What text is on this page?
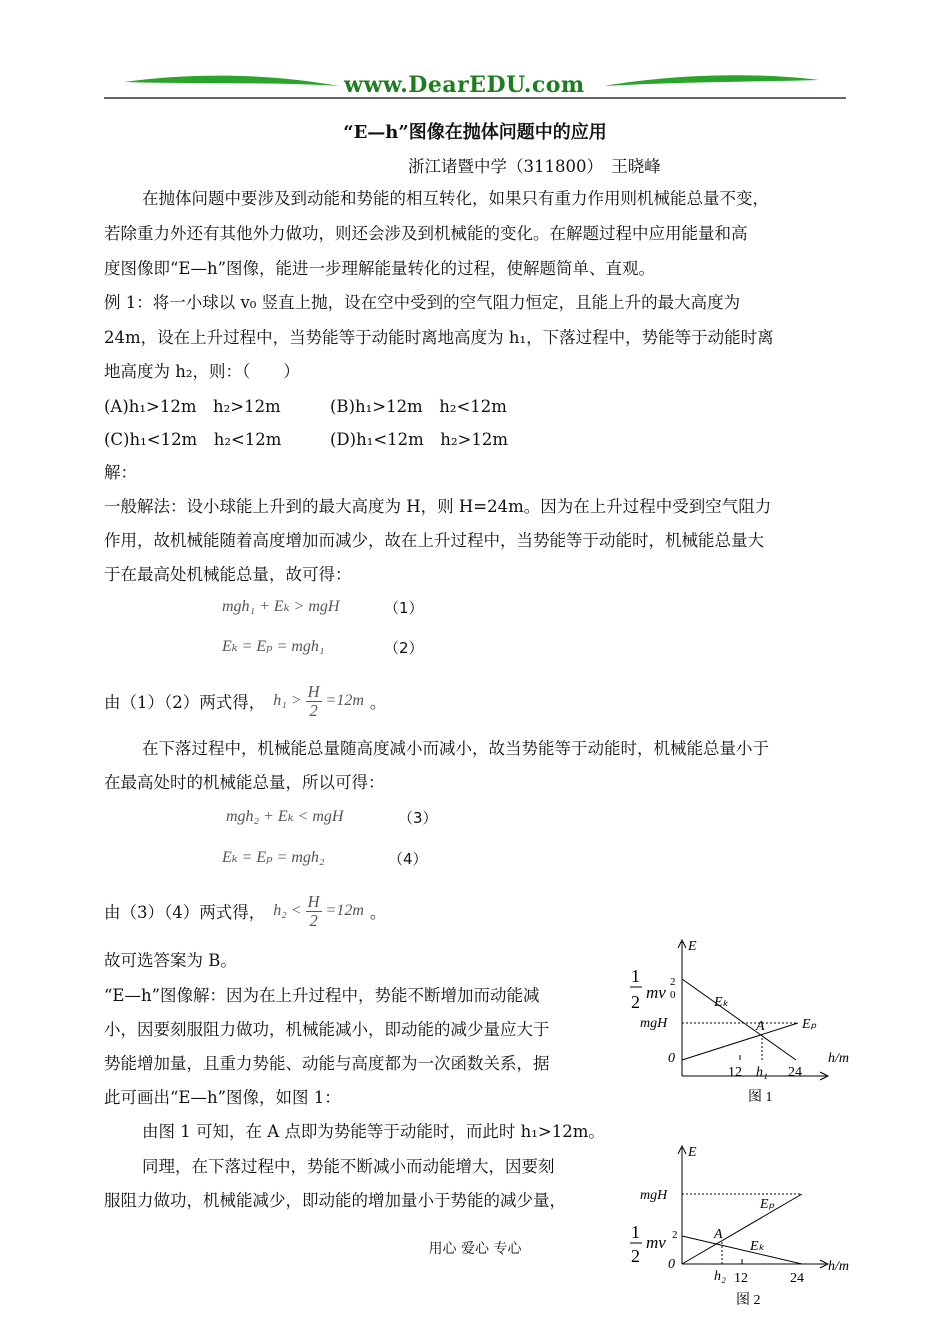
www.DearEDU.com
“E—h”图像在抛体问题中的应用
浙江诸暨中学（311800）　王晓峰
在抛体问题中要涉及到动能和势能的相互转化，如果只有重力作用则机械能总量不变，
若除重力外还有其他外力做功，则还会涉及到机械能的变化。在解题过程中应用能量和高
度图像即“E—h”图像，能进一步理解能量转化的过程，使解题简单、直观。
例 1：将一小球以 v₀ 竖直上抛，设在空中受到的空气阻力恒定，且能上升的最大高度为
24m，设在上升过程中，当势能等于动能时离地高度为 h₁，下落过程中，势能等于动能时离
地高度为 h₂，则：（　　）
(A)h₁>12m　h₂>12m	(B)h₁>12m　h₂<12m
(C)h₁<12m　h₂<12m	(D)h₁<12m　h₂>12m
解：
一般解法：设小球能上升到的最大高度为 H，则 H=24m。因为在上升过程中受到空气阻力
作用，故机械能随着高度增加而减少，故在上升过程中，当势能等于动能时，机械能总量大
于在最高处机械能总量，故可得：
mgh₁ + Eₖ > mgH	（1）
Eₖ = Eₚ = mgh₁	（2）
由（1）（2）两式得， $h_1 > \frac{H}{2} =12m$ 。
在下落过程中，机械能总量随高度减小而减小，故当势能等于动能时，机械能总量小于
在最高处时的机械能总量，所以可得：
mgh₂ + Eₖ < mgH	（3）
Eₖ = Eₚ = mgh₂	（4）
由（3）（4）两式得， $h_2 < \frac{H}{2} =12m$ 。
故可选答案为 B。
“E—h”图像解：因为在上升过程中，势能不断增加而动能减
小，因要刻服阻力做功，机械能减小，即动能的减少量应大于
势能增加量，且重力势能、动能与高度都为一次函数关系，据
此可画出“E—h”图像，如图 1：
由图 1 可知，在 A 点即为势能等于动能时，而此时 h₁>12m。
同理，在下落过程中，势能不断减小而动能增大，因要刻
服阻力做功，机械能减少，即动能的增加量小于势能的减少量，
E
h/m
0
1
2 mv
2
0
mgH
Eₖ
Eₚ
A
12 h₁ 24
图 1
E
h/m
0
mgH
1
2
mv 2
Eₚ
Eₖ
A
h₂ 12	24
图 2
用心 爱心 专心
